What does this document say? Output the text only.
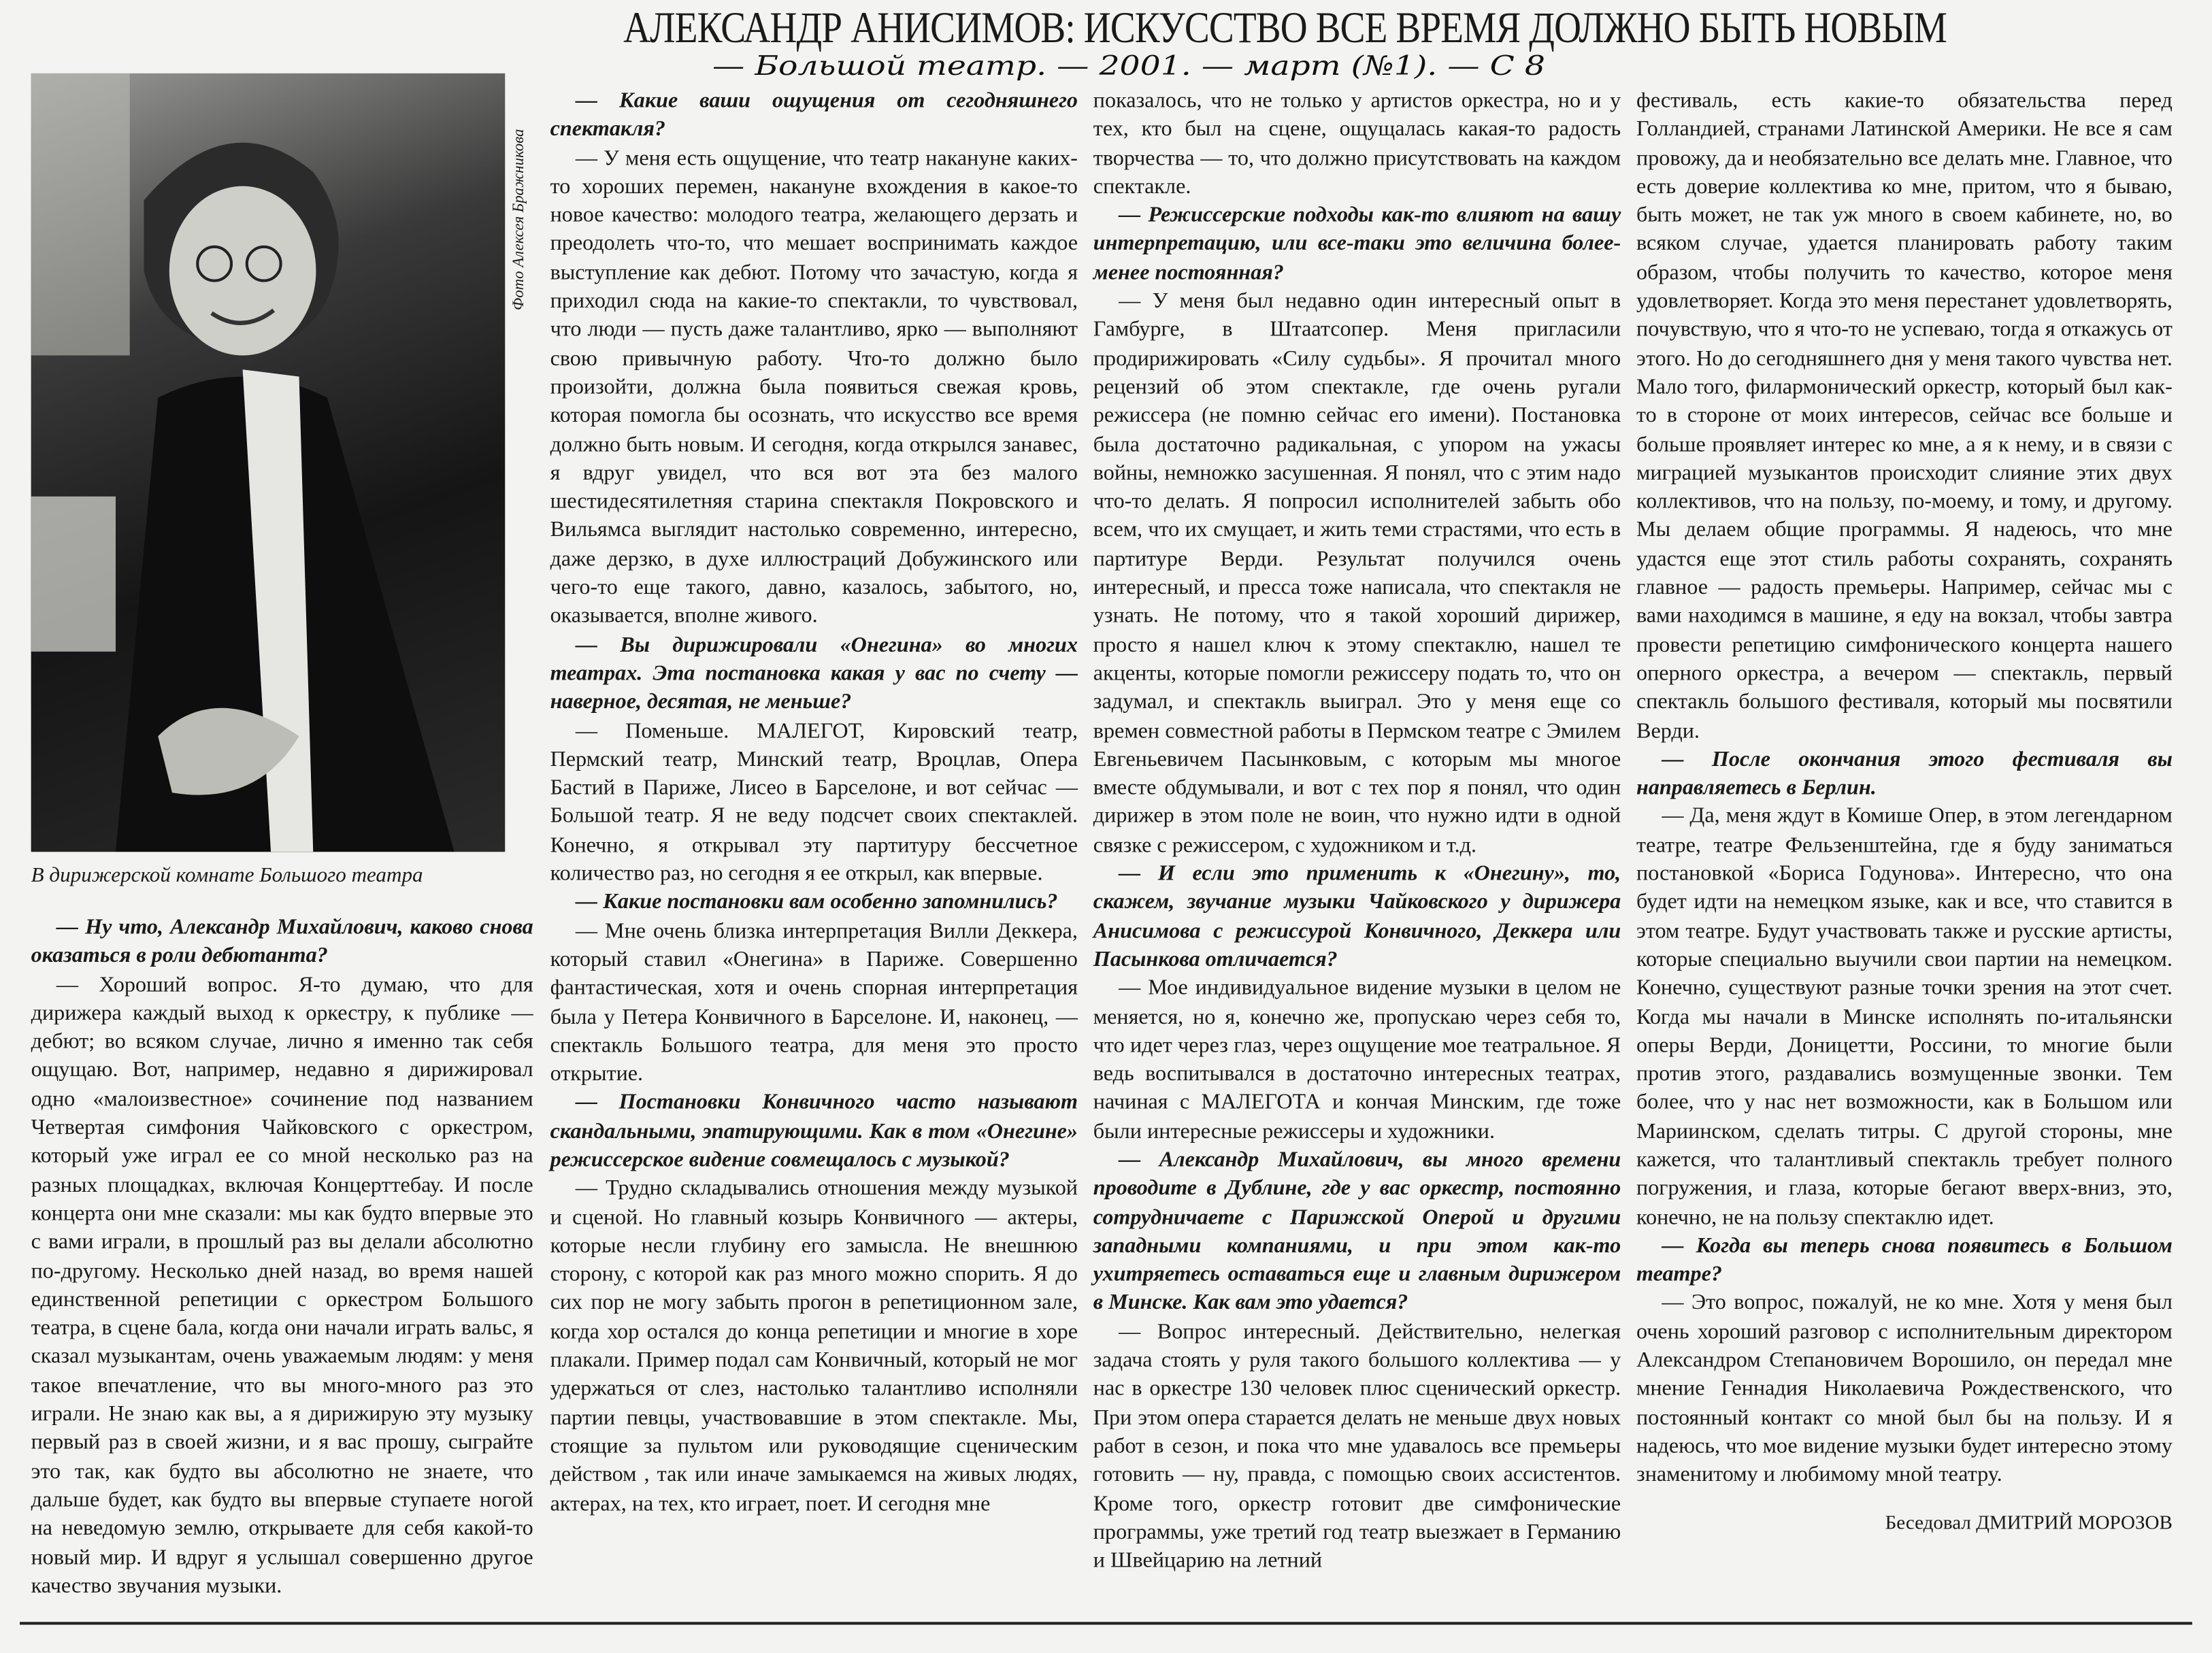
АЛЕКСАНДР АНИСИМОВ: ИСКУССТВО ВСЕ ВРЕМЯ ДОЛЖНО БЫТЬ НОВЫМ
— Большой театр. — 2001. — март (№1). — С 8
Фото Алексея Бражникова
В дирижерской комнате Большого театра

— Ну что, Александр Михайлович, каково снова оказаться в роли дебютанта?

— Хороший вопрос. Я-то думаю, что для дирижера каждый выход к оркестру, к публике — дебют; во всяком случае, лично я именно так себя ощущаю. Вот, например, недавно я дирижировал одно «малоизвестное» сочинение под названием Четвертая симфония Чайковского с оркестром, который уже играл ее со мной несколько раз на разных площадках, включая Концерттебау. И после концерта они мне сказали: мы как будто впервые это с вами играли, в прошлый раз вы делали абсолютно по-другому. Несколько дней назад, во время нашей единственной репетиции с оркестром Большого театра, в сцене бала, когда они начали играть вальс, я сказал музыкантам, очень уважаемым людям: у меня такое впечатление, что вы много-много раз это играли. Не знаю как вы, а я дирижирую эту музыку первый раз в своей жизни, и я вас прошу, сыграйте это так, как будто вы абсолютно не знаете, что дальше будет, как будто вы впервые ступаете ногой на неведомую землю, открываете для себя какой-то новый мир. И вдруг я услышал совершенно другое качество звучания музыки.

— Какие ваши ощущения от сегодняшнего спектакля?

— У меня есть ощущение, что театр накануне каких-то хороших перемен, накануне вхождения в какое-то новое качество: молодого театра, желающего дерзать и преодолеть что-то, что мешает воспринимать каждое выступление как дебют. Потому что зачастую, когда я приходил сюда на какие-то спектакли, то чувствовал, что люди — пусть даже талантливо, ярко — выполняют свою привычную работу. Что-то должно было произойти, должна была появиться свежая кровь, которая помогла бы осознать, что искусство все время должно быть новым. И сегодня, когда открылся занавес, я вдруг увидел, что вся вот эта без малого шестидесятилетняя старина спектакля Покровского и Вильямса выглядит настолько современно, интересно, даже дерзко, в духе иллюстраций Добужинского или чего-то еще такого, давно, казалось, забытого, но, оказывается, вполне живого.

— Вы дирижировали «Онегина» во многих театрах. Эта постановка какая у вас по счету — наверное, десятая, не меньше?

— Поменьше. МАЛЕГОТ, Кировский театр, Пермский театр, Минский театр, Вроцлав, Опера Бастий в Париже, Лисео в Барселоне, и вот сейчас — Большой театр. Я не веду подсчет своих спектаклей. Конечно, я открывал эту партитуру бессчетное количество раз, но сегодня я ее открыл, как впервые.

— Какие постановки вам особенно запомнились?

— Мне очень близка интерпретация Вилли Деккера, который ставил «Онегина» в Париже. Совершенно фантастическая, хотя и очень спорная интерпретация была у Петера Конвичного в Барселоне. И, наконец, — спектакль Большого театра, для меня это просто открытие.

— Постановки Конвичного часто называют скандальными, эпатирующими. Как в том «Онегине» режиссерское видение совмещалось с музыкой?

— Трудно складывались отношения между музыкой и сценой. Но главный козырь Конвичного — актеры, которые несли глубину его замысла. Не внешнюю сторону, с которой как раз много можно спорить. Я до сих пор не могу забыть прогон в репетиционном зале, когда хор остался до конца репетиции и многие в хоре плакали. Пример подал сам Конвичный, который не мог удержаться от слез, настолько талантливо исполняли партии певцы, участвовавшие в этом спектакле. Мы, стоящие за пультом или руководящие сценическим действом , так или иначе замыкаемся на живых людях, актерах, на тех, кто играет, поет. И сегодня мне

показалось, что не только у артистов оркестра, но и у тех, кто был на сцене, ощущалась какая-то радость творчества — то, что должно присутствовать на каждом спектакле.

— Режиссерские подходы как-то влияют на вашу интерпретацию, или все-таки это величина более-менее постоянная?

— У меня был недавно один интересный опыт в Гамбурге, в Штаатсопер. Меня пригласили продирижировать «Силу судьбы». Я прочитал много рецензий об этом спектакле, где очень ругали режиссера (не помню сейчас его имени). Постановка была достаточно радикальная, с упором на ужасы войны, немножко засушенная. Я понял, что с этим надо что-то делать. Я попросил исполнителей забыть обо всем, что их смущает, и жить теми страстями, что есть в партитуре Верди. Результат получился очень интересный, и пресса тоже написала, что спектакля не узнать. Не потому, что я такой хороший дирижер, просто я нашел ключ к этому спектаклю, нашел те акценты, которые помогли режиссеру подать то, что он задумал, и спектакль выиграл. Это у меня еще со времен совместной работы в Пермском театре с Эмилем Евгеньевичем Пасынковым, с которым мы многое вместе обдумывали, и вот с тех пор я понял, что один дирижер в этом поле не воин, что нужно идти в одной связке с режиссером, с художником и т.д.

— И если это применить к «Онегину», то, скажем, звучание музыки Чайковского у дирижера Анисимова с режиссурой Конвичного, Деккера или Пасынкова отличается?

— Мое индивидуальное видение музыки в целом не меняется, но я, конечно же, пропускаю через себя то, что идет через глаз, через ощущение мое театральное. Я ведь воспитывался в достаточно интересных театрах, начиная с МАЛЕГОТА и кончая Минским, где тоже были интересные режиссеры и художники.

— Александр Михайлович, вы много времени проводите в Дублине, где у вас оркестр, постоянно сотрудничаете с Парижской Оперой и другими западными компаниями, и при этом как-то ухитряетесь оставаться еще и главным дирижером в Минске. Как вам это удается?

— Вопрос интересный. Действительно, нелегкая задача стоять у руля такого большого коллектива — у нас в оркестре 130 человек плюс сценический оркестр. При этом опера старается делать не меньше двух новых работ в сезон, и пока что мне удавалось все премьеры готовить — ну, правда, с помощью своих ассистентов. Кроме того, оркестр готовит две симфонические программы, уже третий год театр выезжает в Германию и Швейцарию на летний

фестиваль, есть какие-то обязательства перед Голландией, странами Латинской Америки. Не все я сам провожу, да и необязательно все делать мне. Главное, что есть доверие коллектива ко мне, притом, что я бываю, быть может, не так уж много в своем кабинете, но, во всяком случае, удается планировать работу таким образом, чтобы получить то качество, которое меня удовлетворяет. Когда это меня перестанет удовлетворять, почувствую, что я что-то не успеваю, тогда я откажусь от этого. Но до сегодняшнего дня у меня такого чувства нет. Мало того, филармонический оркестр, который был как-то в стороне от моих интересов, сейчас все больше и больше проявляет интерес ко мне, а я к нему, и в связи с миграцией музыкантов происходит слияние этих двух коллективов, что на пользу, по-моему, и тому, и другому. Мы делаем общие программы. Я надеюсь, что мне удастся еще этот стиль работы сохранять, сохранять главное — радость премьеры. Например, сейчас мы с вами находимся в машине, я еду на вокзал, чтобы завтра провести репетицию симфонического концерта нашего оперного оркестра, а вечером — спектакль, первый спектакль большого фестиваля, который мы посвятили Верди.

— После окончания этого фестиваля вы направляетесь в Берлин.

— Да, меня ждут в Комише Опер, в этом легендарном театре, театре Фельзенштейна, где я буду заниматься постановкой «Бориса Годунова». Интересно, что она будет идти на немецком языке, как и все, что ставится в этом театре. Будут участвовать также и русские артисты, которые специально выучили свои партии на немецком. Конечно, существуют разные точки зрения на этот счет. Когда мы начали в Минске исполнять по-итальянски оперы Верди, Доницетти, Россини, то многие были против этого, раздавались возмущенные звонки. Тем более, что у нас нет возможности, как в Большом или Мариинском, сделать титры. С другой стороны, мне кажется, что талантливый спектакль требует полного погружения, и глаза, которые бегают вверх-вниз, это, конечно, не на пользу спектаклю идет.

— Когда вы теперь снова появитесь в Большом театре?

— Это вопрос, пожалуй, не ко мне. Хотя у меня был очень хороший разговор с исполнительным директором Александром Степановичем Ворошило, он передал мне мнение Геннадия Николаевича Рождественского, что постоянный контакт со мной был бы на пользу. И я надеюсь, что мое видение музыки будет интересно этому знаменитому и любимому мной театру.

Беседовал ДМИТРИЙ МОРОЗОВ
